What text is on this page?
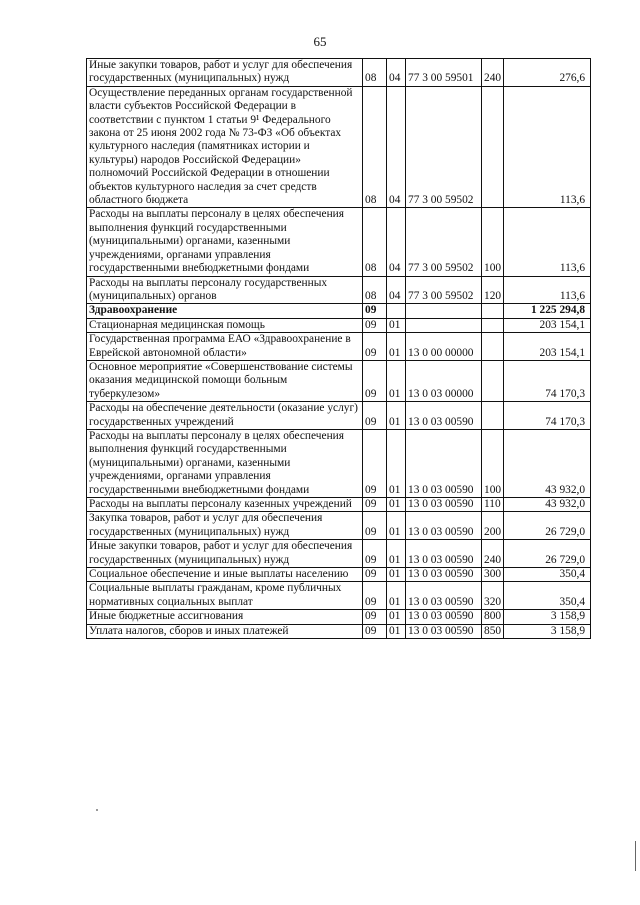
65
Иные закупки товаров, работ и услуг для обеспечения государственных (муниципальных) нужд	08	04	77 3 00 59501	240	276,6
Осуществление переданных органам государственной власти субъектов Российской Федерации в соответствии с пунктом 1 статьи 9¹ Федерального закона от 25 июня 2002 года № 73-ФЗ «Об объектах культурного наследия (памятниках истории и культуры) народов Российской Федерации» полномочий Российской Федерации в отношении объектов культурного наследия за счет средств областного бюджета	08	04	77 3 00 59502		113,6
Расходы на выплаты персоналу в целях обеспечения выполнения функций государственными (муниципальными) органами, казенными учреждениями, органами управления государственными внебюджетными фондами	08	04	77 3 00 59502	100	113,6
Расходы на выплаты персоналу государственных (муниципальных) органов	08	04	77 3 00 59502	120	113,6
Здравоохранение	09				1 225 294,8
Стационарная медицинская помощь	09	01			203 154,1
Государственная программа ЕАО «Здравоохранение в Еврейской автономной области»	09	01	13 0 00 00000		203 154,1
Основное мероприятие «Совершенствование системы оказания медицинской помощи больным туберкулезом»	09	01	13 0 03 00000		74 170,3
Расходы на обеспечение деятельности (оказание услуг) государственных учреждений	09	01	13 0 03 00590		74 170,3
Расходы на выплаты персоналу в целях обеспечения выполнения функций государственными (муниципальными) органами, казенными учреждениями, органами управления государственными внебюджетными фондами	09	01	13 0 03 00590	100	43 932,0
Расходы на выплаты персоналу казенных учреждений	09	01	13 0 03 00590	110	43 932,0
Закупка товаров, работ и услуг для обеспечения государственных (муниципальных) нужд	09	01	13 0 03 00590	200	26 729,0
Иные закупки товаров, работ и услуг для обеспечения государственных (муниципальных) нужд	09	01	13 0 03 00590	240	26 729,0
Социальное обеспечение и иные выплаты населению	09	01	13 0 03 00590	300	350,4
Социальные выплаты гражданам, кроме публичных нормативных социальных выплат	09	01	13 0 03 00590	320	350,4
Иные бюджетные ассигнования	09	01	13 0 03 00590	800	3 158,9
Уплата налогов, сборов и иных платежей	09	01	13 0 03 00590	850	3 158,9
